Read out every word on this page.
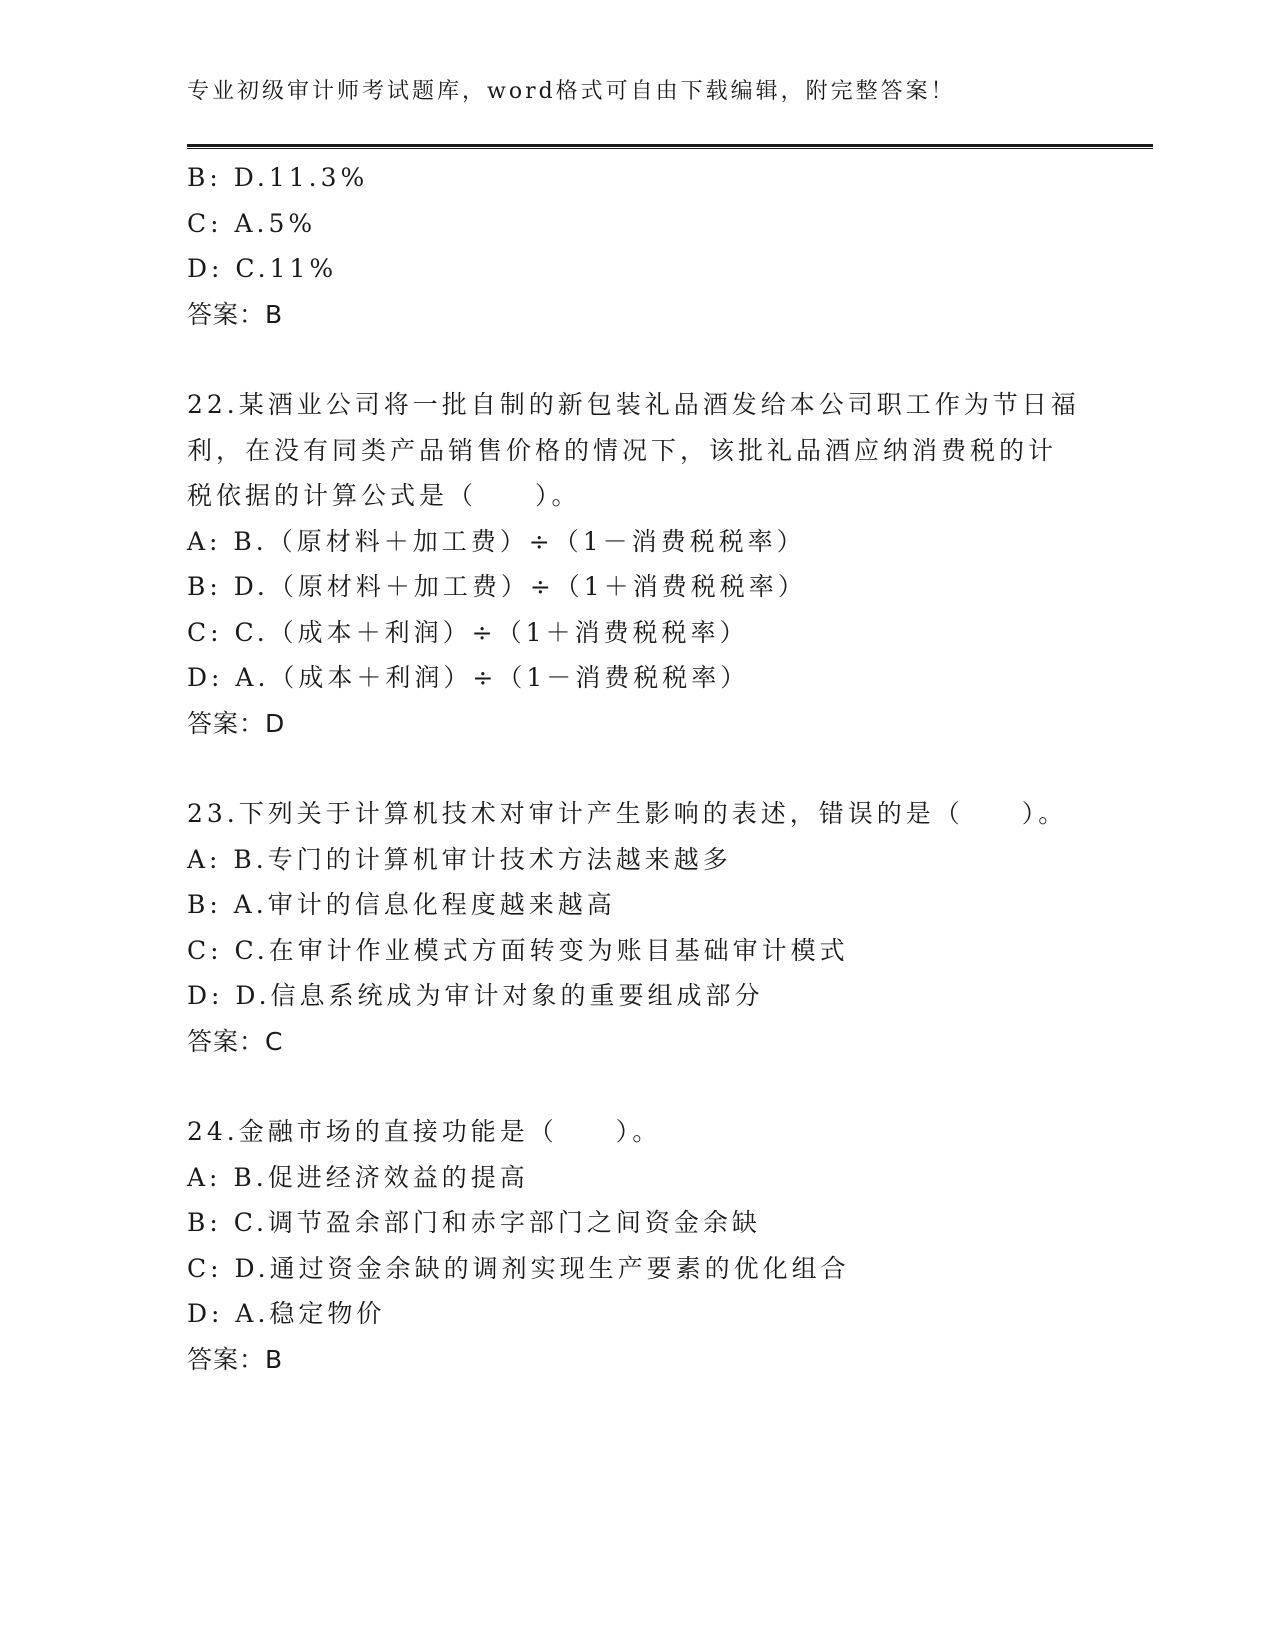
专业初级审计师考试题库，word格式可自由下载编辑，附完整答案！
B: D.11.3%
C: A.5%
D: C.11%
答案：B
22.某酒业公司将一批自制的新包装礼品酒发给本公司职工作为节日福
利，在没有同类产品销售价格的情况下，该批礼品酒应纳消费税的计
税依据的计算公式是（　　）。
A: B.（原材料＋加工费）÷（1－消费税税率）
B: D.（原材料＋加工费）÷（1＋消费税税率）
C: C.（成本＋利润）÷（1＋消费税税率）
D: A.（成本＋利润）÷（1－消费税税率）
答案：D
23.下列关于计算机技术对审计产生影响的表述，错误的是（　　）。
A: B.专门的计算机审计技术方法越来越多
B: A.审计的信息化程度越来越高
C: C.在审计作业模式方面转变为账目基础审计模式
D: D.信息系统成为审计对象的重要组成部分
答案：C
24.金融市场的直接功能是（　　）。
A: B.促进经济效益的提高
B: C.调节盈余部门和赤字部门之间资金余缺
C: D.通过资金余缺的调剂实现生产要素的优化组合
D: A.稳定物价
答案：B
